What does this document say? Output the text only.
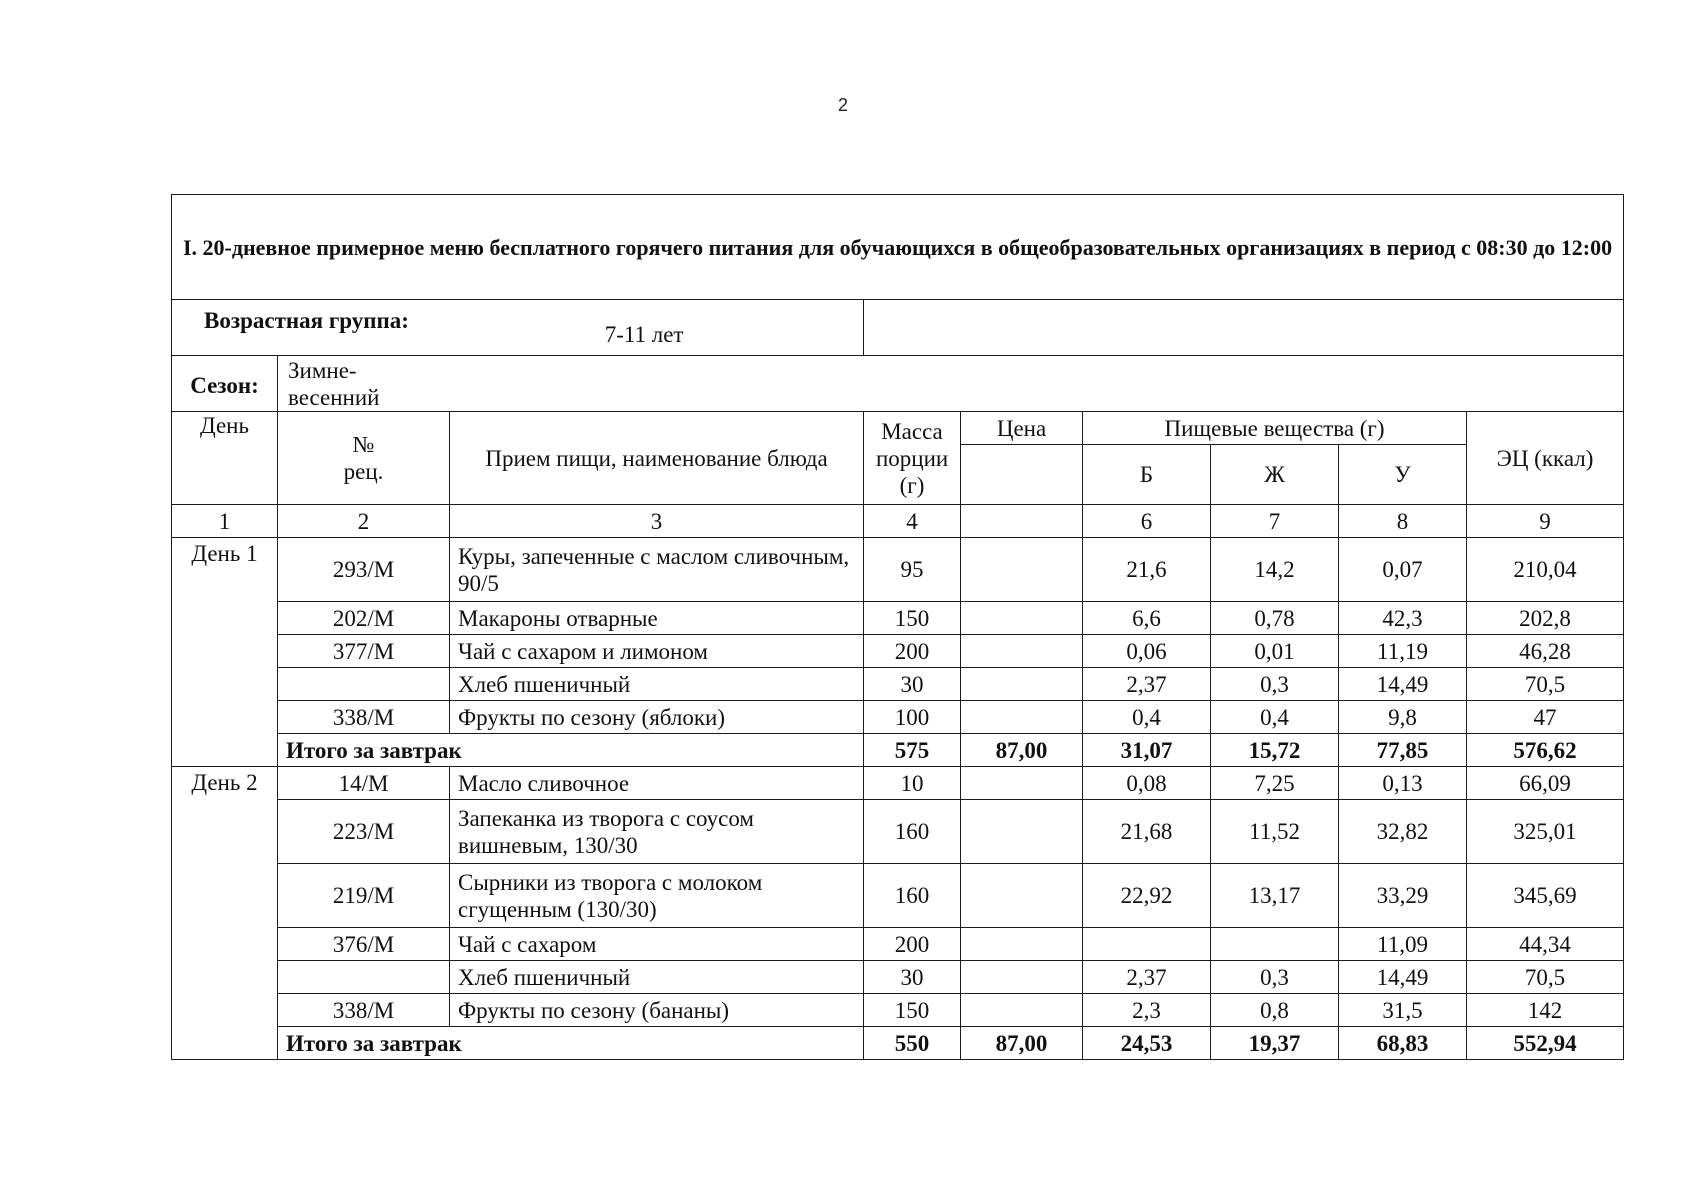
2
I. 20-дневное примерное меню бесплатного горячего питания для обучающихся в общеобразовательных организациях в период с 08:30 до 12:00								
Возрастная группа: 7-11 лет								
Сезон:	Зимне-весенний							
День	№ рец.	Прием пищи, наименование блюда	Масса порции (г)	Цена	Пищевые вещества (г)			ЭЦ (ккал)
					Б	Ж	У	
1	2	3	4		6	7	8	9
День 1	293/М	Куры, запеченные с маслом сливочным, 90/5	95		21,6	14,2	0,07	210,04
	202/М	Макароны отварные	150		6,6	0,78	42,3	202,8
	377/М	Чай с сахаром и лимоном	200		0,06	0,01	11,19	46,28
		Хлеб пшеничный	30		2,37	0,3	14,49	70,5
	338/М	Фрукты по сезону (яблоки)	100		0,4	0,4	9,8	47
	Итого за завтрак		575	87,00	31,07	15,72	77,85	576,62
День 2	14/М	Масло сливочное	10		0,08	7,25	0,13	66,09
	223/М	Запеканка из творога с соусом вишневым, 130/30	160		21,68	11,52	32,82	325,01
	219/М	Сырники из творога с молоком сгущенным (130/30)	160		22,92	13,17	33,29	345,69
	376/М	Чай с сахаром	200				11,09	44,34
		Хлеб пшеничный	30		2,37	0,3	14,49	70,5
	338/М	Фрукты по сезону (бананы)	150		2,3	0,8	31,5	142
	Итого за завтрак		550	87,00	24,53	19,37	68,83	552,94
